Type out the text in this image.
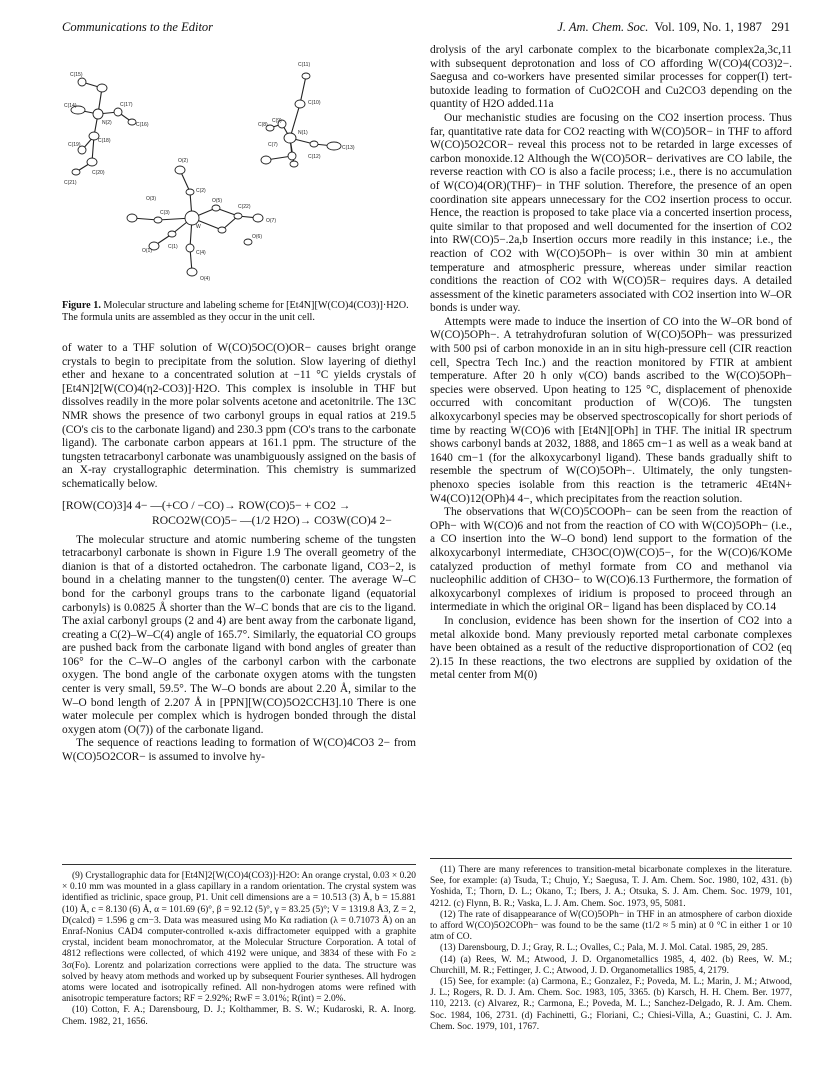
Communications to the Editor	J. Am. Chem. Soc. Vol. 109, No. 1, 1987 291
C(11)
C(10)
N(1)
C(13)
C(12)
C(9)
C(8)
C(7)
C(15)
C(14)
N(2)
C(17)
C(16)
C(19)
C(18)
C(20)
C(21)
O(2)
C(2)
O(3)
C(3)
O(5)
C(22)
O(7)
O(6)
W
C(1)
O(1)	C(4)
O(4)
Figure 1. Molecular structure and labeling scheme for [Et4N][W(CO)4(CO3)]·H2O. The formula units are assembled as they occur in the unit cell.

of water to a THF solution of W(CO)5OC(O)OR− causes bright orange crystals to begin to precipitate from the solution. Slow layering of diethyl ether and hexane to a concentrated solution at −11 °C yields crystals of [Et4N]2[W(CO)4(η2-CO3)]·H2O. This complex is insoluble in THF but dissolves readily in the more polar solvents acetone and acetonitrile. The 13C NMR shows the presence of two carbonyl groups in equal ratios at 219.5 (CO's cis to the carbonate ligand) and 230.3 ppm (CO's trans to the carbonate ligand). The carbonate carbon appears at 161.1 ppm. The structure of the tungsten tetracarbonyl carbonate was unambiguously assigned on the basis of an X-ray crystallographic determination. This chemistry is summarized schematically below.

[ROW(CO)3]4 4− —(+CO / −CO)→ ROW(CO)5− + CO2 →
ROCO2W(CO)5− —(1/2 H2O)→ CO3W(CO)4 2−

The molecular structure and atomic numbering scheme of the tungsten tetracarbonyl carbonate is shown in Figure 1.9 The overall geometry of the dianion is that of a distorted octahedron. The carbonate ligand, CO3−2, is bound in a chelating manner to the tungsten(0) center. The average W–C bond for the carbonyl groups trans to the carbonate ligand (equatorial carbonyls) is 0.0825 Å shorter than the W–C bonds that are cis to the ligand. The axial carbonyl groups (2 and 4) are bent away from the carbonate ligand, creating a C(2)–W–C(4) angle of 165.7°. Similarly, the equatorial CO groups are pushed back from the carbonate ligand with bond angles of greater than 106° for the C–W–O angles of the carbonyl carbon with the carbonate oxygen. The bond angle of the carbonate oxygen atoms with the tungsten center is very small, 59.5°. The W–O bonds are about 2.20 Å, similar to the W–O bond length of 2.207 Å in [PPN][W(CO)5O2CCH3].10 There is one water molecule per complex which is hydrogen bonded through the distal oxygen atom (O(7)) of the carbonate ligand.

The sequence of reactions leading to formation of W(CO)4CO3 2− from W(CO)5O2COR− is assumed to involve hy-

drolysis of the aryl carbonate complex to the bicarbonate complex2a,3c,11 with subsequent deprotonation and loss of CO affording W(CO)4(CO3)2−. Saegusa and co-workers have presented similar processes for copper(I) tert-butoxide leading to formation of CuO2COH and Cu2CO3 depending on the quantity of H2O added.11a

Our mechanistic studies are focusing on the CO2 insertion process. Thus far, quantitative rate data for CO2 reacting with W(CO)5OR− in THF to afford W(CO)5O2COR− reveal this process not to be retarded in large excesses of carbon monoxide.12 Although the W(CO)5OR− derivatives are CO labile, the reverse reaction with CO is also a facile process; i.e., there is no accumulation of W(CO)4(OR)(THF)− in THF solution. Therefore, the presence of an open coordination site appears unnecessary for the CO2 insertion process to occur. Hence, the reaction is proposed to take place via a concerted insertion process, quite similar to that proposed and well documented for the insertion of CO2 into RW(CO)5−.2a,b Insertion occurs more readily in this instance; i.e., the reaction of CO2 with W(CO)5OPh− is over within 30 min at ambient temperature and atmospheric pressure, whereas under similar reaction conditions the reaction of CO2 with W(CO)5R− requires days. A detailed assessment of the kinetic parameters associated with CO2 insertion into W–OR bonds is under way.

Attempts were made to induce the insertion of CO into the W–OR bond of W(CO)5OPh−. A tetrahydrofuran solution of W(CO)5OPh− was pressurized with 500 psi of carbon monoxide in an in situ high-pressure cell (CIR reaction cell, Spectra Tech Inc.) and the reaction monitored by FTIR at ambient temperature. After 20 h only ν(CO) bands ascribed to the W(CO)5OPh− species were observed. Upon heating to 125 °C, displacement of phenoxide occurred with concomitant production of W(CO)6. The tungsten alkoxycarbonyl species may be observed spectroscopically for short periods of time by reacting W(CO)6 with [Et4N][OPh] in THF. The initial IR spectrum shows carbonyl bands at 2032, 1888, and 1865 cm−1 as well as a weak band at 1640 cm−1 (for the alkoxycarbonyl ligand). These bands gradually shift to resemble the spectrum of W(CO)5OPh−. Ultimately, the only tungsten-phenoxo species isolable from this reaction is the tetrameric 4Et4N+ W4(CO)12(OPh)4 4−, which precipitates from the reaction solution.

The observations that W(CO)5COOPh− can be seen from the reaction of OPh− with W(CO)6 and not from the reaction of CO with W(CO)5OPh− (i.e., a CO insertion into the W–O bond) lend support to the formation of the alkoxycarbonyl intermediate, CH3OC(O)W(CO)5−, for the W(CO)6/KOMe catalyzed production of methyl formate from CO and methanol via nucleophilic addition of CH3O− to W(CO)6.13 Furthermore, the formation of alkoxycarbonyl complexes of iridium is proposed to proceed through an intermediate in which the original OR− ligand has been displaced by CO.14

In conclusion, evidence has been shown for the insertion of CO2 into a metal alkoxide bond. Many previously reported metal carbonate complexes have been obtained as a result of the reductive disproportionation of CO2 (eq 2).15 In these reactions, the two electrons are supplied by oxidation of the metal center from M(0)

(9) Crystallographic data for [Et4N]2[W(CO)4(CO3)]·H2O: An orange crystal, 0.03 × 0.20 × 0.10 mm was mounted in a glass capillary in a random orientation. The crystal system was identified as triclinic, space group, P1. Unit cell dimensions are a = 10.513 (3) Å, b = 15.881 (10) Å, c = 8.130 (6) Å, α = 101.69 (6)°, β = 92.12 (5)°, γ = 83.25 (5)°; V = 1319.8 Å3, Z = 2, D(calcd) = 1.596 g cm−3. Data was measured using Mo Kα radiation (λ = 0.71073 Å) on an Enraf-Nonius CAD4 computer-controlled κ-axis diffractometer equipped with a graphite crystal, incident beam monochromator, at the Molecular Structure Corporation. A total of 4812 reflections were collected, of which 4192 were unique, and 3834 of these with Fo ≥ 3σ(Fo). Lorentz and polarization corrections were applied to the data. The structure was solved by heavy atom methods and worked up by subsequent Fourier syntheses. All hydrogen atoms were located and isotropically refined. All non-hydrogen atoms were refined with anisotropic temperature factors; RF = 2.92%; RwF = 3.01%; R(int) = 2.0%.

(10) Cotton, F. A.; Darensbourg, D. J.; Kolthammer, B. S. W.; Kudaroski, R. A. Inorg. Chem. 1982, 21, 1656.

(11) There are many references to transition-metal bicarbonate complexes in the literature. See, for example: (a) Tsuda, T.; Chujo, Y.; Saegusa, T. J. Am. Chem. Soc. 1980, 102, 431. (b) Yoshida, T.; Thorn, D. L.; Okano, T.; Ibers, J. A.; Otsuka, S. J. Am. Chem. Soc. 1979, 101, 4212. (c) Flynn, B. R.; Vaska, L. J. Am. Chem. Soc. 1973, 95, 5081.

(12) The rate of disappearance of W(CO)5OPh− in THF in an atmosphere of carbon dioxide to afford W(CO)5O2COPh− was found to be the same (t1/2 ≈ 5 min) at 0 °C in either 1 or 10 atm of CO.

(13) Darensbourg, D. J.; Gray, R. L.; Ovalles, C.; Pala, M. J. Mol. Catal. 1985, 29, 285.

(14) (a) Rees, W. M.; Atwood, J. D. Organometallics 1985, 4, 402. (b) Rees, W. M.; Churchill, M. R.; Fettinger, J. C.; Atwood, J. D. Organometallics 1985, 4, 2179.

(15) See, for example: (a) Carmona, E.; Gonzalez, F.; Poveda, M. L.; Marin, J. M.; Atwood, J. L.; Rogers, R. D. J. Am. Chem. Soc. 1983, 105, 3365. (b) Karsch, H. H. Chem. Ber. 1977, 110, 2213. (c) Alvarez, R.; Carmona, E.; Poveda, M. L.; Sanchez-Delgado, R. J. Am. Chem. Soc. 1984, 106, 2731. (d) Fachinetti, G.; Floriani, C.; Chiesi-Villa, A.; Guastini, C. J. Am. Chem. Soc. 1979, 101, 1767.
